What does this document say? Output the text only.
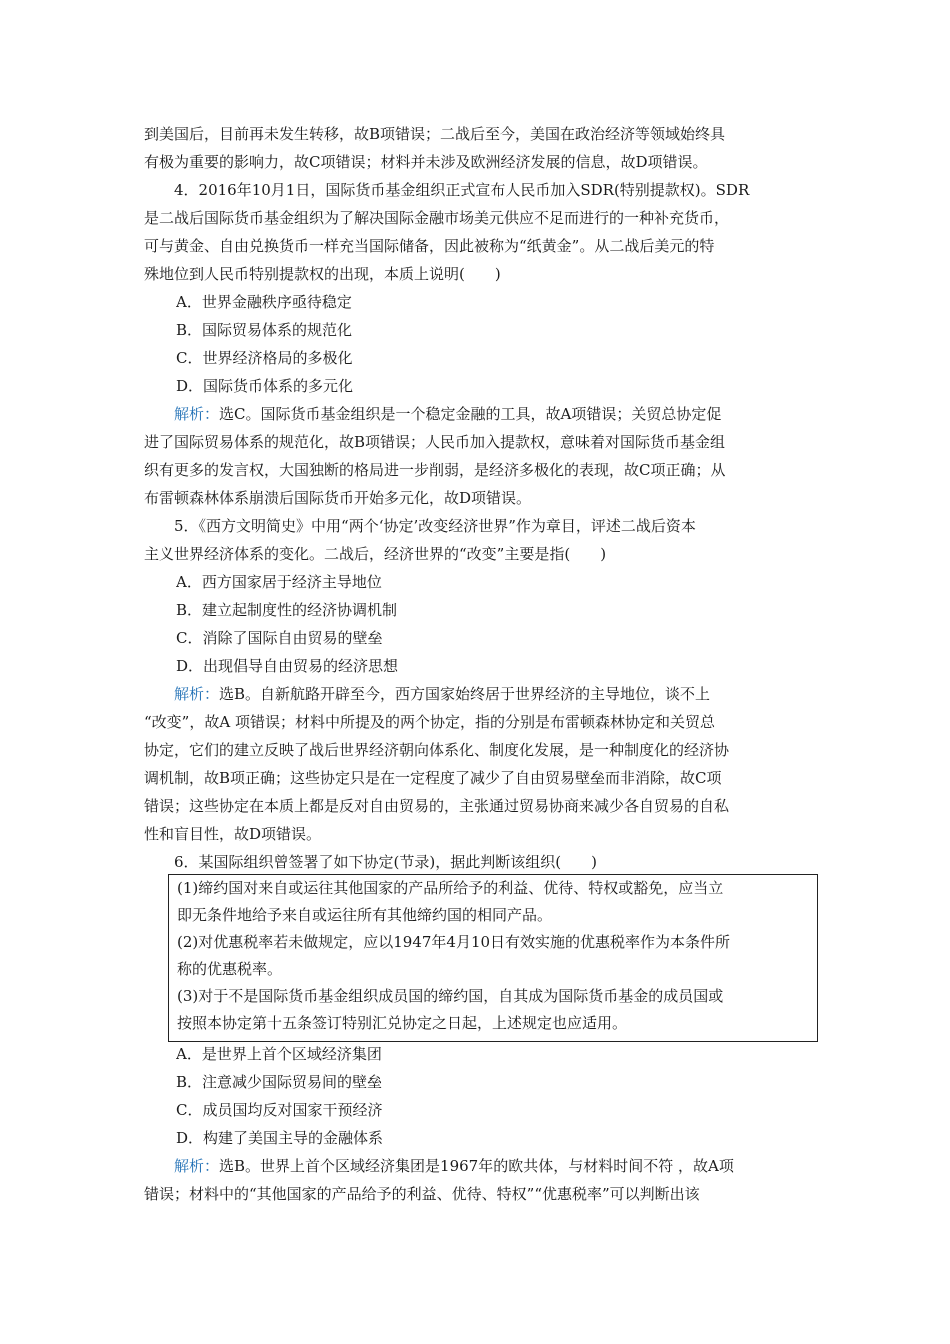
到美国后，目前再未发生转移，故B项错误；二战后至今，美国在政治经济等领域始终具
有极为重要的影响力，故C项错误；材料并未涉及欧洲经济发展的信息，故D项错误。
4．2016年10月1日，国际货币基金组织正式宣布人民币加入SDR(特别提款权)。SDR
是二战后国际货币基金组织为了解决国际金融市场美元供应不足而进行的一种补充货币，
可与黄金、自由兑换货币一样充当国际储备，因此被称为“纸黄金”。从二战后美元的特
殊地位到人民币特别提款权的出现，本质上说明(　　)
A．世界金融秩序亟待稳定
B．国际贸易体系的规范化
C．世界经济格局的多极化
D．国际货币体系的多元化
解析：选C。国际货币基金组织是一个稳定金融的工具，故A项错误；关贸总协定促
进了国际贸易体系的规范化，故B项错误；人民币加入提款权，意味着对国际货币基金组
织有更多的发言权，大国独断的格局进一步削弱，是经济多极化的表现，故C项正确；从
布雷顿森林体系崩溃后国际货币开始多元化，故D项错误。
5．《西方文明简史》中用“两个‘协定’改变经济世界”作为章目，评述二战后资本
主义世界经济体系的变化。二战后，经济世界的“改变”主要是指(　　)
A．西方国家居于经济主导地位
B．建立起制度性的经济协调机制
C．消除了国际自由贸易的壁垒
D．出现倡导自由贸易的经济思想
解析：选B。自新航路开辟至今，西方国家始终居于世界经济的主导地位，谈不上
“改变”，故A 项错误；材料中所提及的两个协定，指的分别是布雷顿森林协定和关贸总
协定，它们的建立反映了战后世界经济朝向体系化、制度化发展，是一种制度化的经济协
调机制，故B项正确；这些协定只是在一定程度了减少了自由贸易壁垒而非消除，故C项
错误；这些协定在本质上都是反对自由贸易的，主张通过贸易协商来减少各自贸易的自私
性和盲目性，故D项错误。
6．某国际组织曾签署了如下协定(节录)，据此判断该组织(　　)
(1)缔约国对来自或运往其他国家的产品所给予的利益、优待、特权或豁免，应当立
即无条件地给予来自或运往所有其他缔约国的相同产品。
(2)对优惠税率若未做规定，应以1947年4月10日有效实施的优惠税率作为本条件所
称的优惠税率。
(3)对于不是国际货币基金组织成员国的缔约国，自其成为国际货币基金的成员国或
按照本协定第十五条签订特别汇兑协定之日起，上述规定也应适用。
A．是世界上首个区域经济集团
B．注意减少国际贸易间的壁垒
C．成员国均反对国家干预经济
D．构建了美国主导的金融体系
解析：选B。世界上首个区域经济集团是1967年的欧共体，与材料时间不符 ，故A项
错误；材料中的“其他国家的产品给予的利益、优待、特权”“优惠税率”可以判断出该
